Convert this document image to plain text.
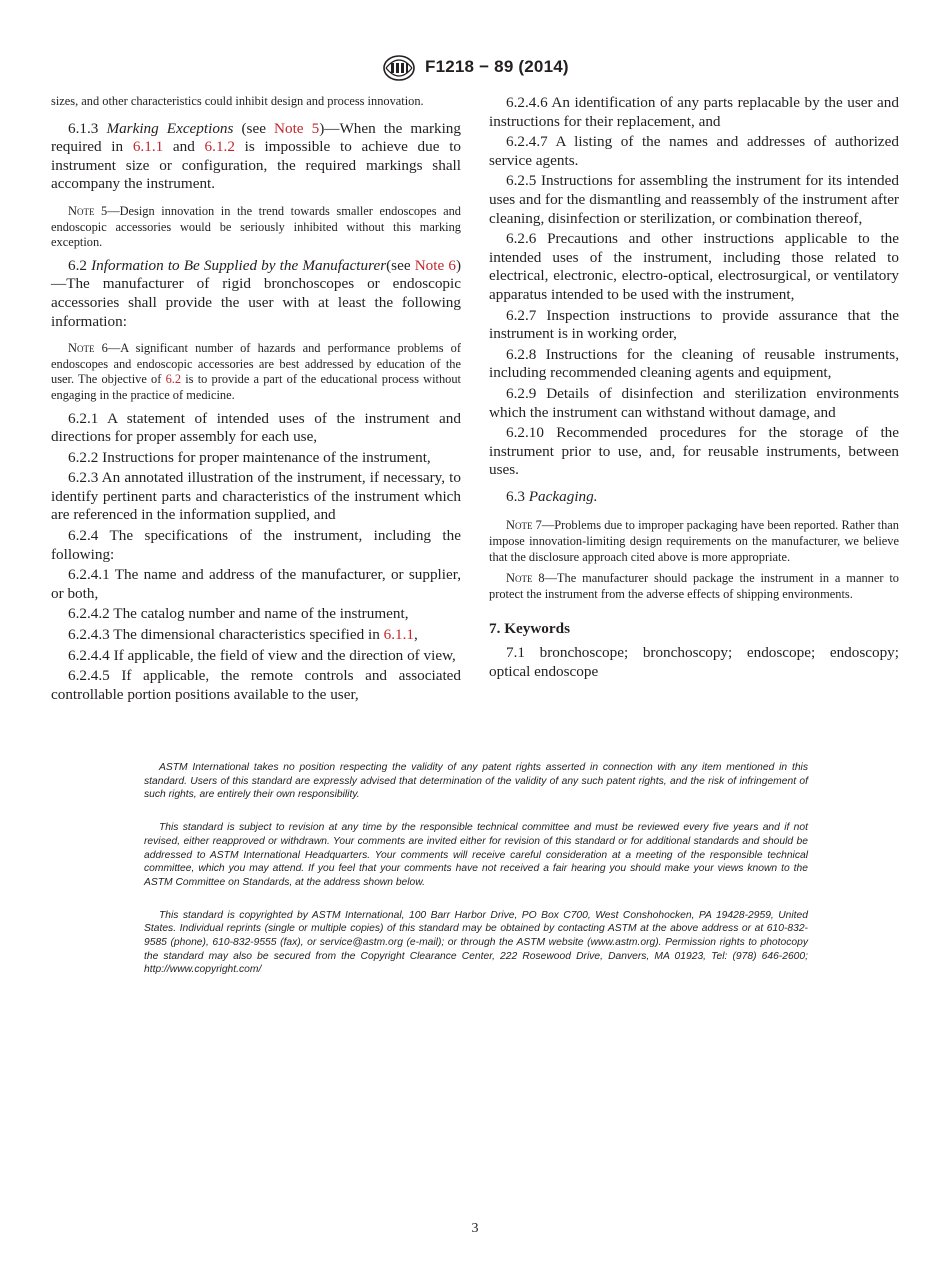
F1218 − 89 (2014)

sizes, and other characteristics could inhibit design and process innovation.

6.1.3 Marking Exceptions (see Note 5)—When the marking required in 6.1.1 and 6.1.2 is impossible to achieve due to instrument size or configuration, the required markings shall accompany the instrument.

Note 5—Design innovation in the trend towards smaller endoscopes and endoscopic accessories would be seriously inhibited without this marking exception.

6.2 Information to Be Supplied by the Manufacturer(see Note 6)—The manufacturer of rigid bronchoscopes or endoscopic accessories shall provide the user with at least the following information:

Note 6—A significant number of hazards and performance problems of endoscopes and endoscopic accessories are best addressed by education of the user. The objective of 6.2 is to provide a part of the educational process without engaging in the practice of medicine.

6.2.1 A statement of intended uses of the instrument and directions for proper assembly for each use,

6.2.2 Instructions for proper maintenance of the instrument,

6.2.3 An annotated illustration of the instrument, if necessary, to identify pertinent parts and characteristics of the instrument which are referenced in the information supplied, and

6.2.4 The specifications of the instrument, including the following:

6.2.4.1 The name and address of the manufacturer, or supplier, or both,

6.2.4.2 The catalog number and name of the instrument,

6.2.4.3 The dimensional characteristics specified in 6.1.1,

6.2.4.4 If applicable, the field of view and the direction of view,

6.2.4.5 If applicable, the remote controls and associated controllable portion positions available to the user,

6.2.4.6 An identification of any parts replacable by the user and instructions for their replacement, and

6.2.4.7 A listing of the names and addresses of authorized service agents.

6.2.5 Instructions for assembling the instrument for its intended uses and for the dismantling and reassembly of the instrument after cleaning, disinfection or sterilization, or combination thereof,

6.2.6 Precautions and other instructions applicable to the intended uses of the instrument, including those related to electrical, electronic, electro-optical, electrosurgical, or ventilatory apparatus intended to be used with the instrument,

6.2.7 Inspection instructions to provide assurance that the instrument is in working order,

6.2.8 Instructions for the cleaning of reusable instruments, including recommended cleaning agents and equipment,

6.2.9 Details of disinfection and sterilization environments which the instrument can withstand without damage, and

6.2.10 Recommended procedures for the storage of the instrument prior to use, and, for reusable instruments, between uses.

6.3 Packaging.

Note 7—Problems due to improper packaging have been reported. Rather than impose innovation-limiting design requirements on the manufacturer, we believe that the disclosure approach cited above is more appropriate.

Note 8—The manufacturer should package the instrument in a manner to protect the instrument from the adverse effects of shipping environments.

7. Keywords

7.1 bronchoscope; bronchoscopy; endoscope; endoscopy; optical endoscope

ASTM International takes no position respecting the validity of any patent rights asserted in connection with any item mentioned in this standard. Users of this standard are expressly advised that determination of the validity of any such patent rights, and the risk of infringement of such rights, are entirely their own responsibility.

This standard is subject to revision at any time by the responsible technical committee and must be reviewed every five years and if not revised, either reapproved or withdrawn. Your comments are invited either for revision of this standard or for additional standards and should be addressed to ASTM International Headquarters. Your comments will receive careful consideration at a meeting of the responsible technical committee, which you may attend. If you feel that your comments have not received a fair hearing you should make your views known to the ASTM Committee on Standards, at the address shown below.

This standard is copyrighted by ASTM International, 100 Barr Harbor Drive, PO Box C700, West Conshohocken, PA 19428-2959, United States. Individual reprints (single or multiple copies) of this standard may be obtained by contacting ASTM at the above address or at 610-832-9585 (phone), 610-832-9555 (fax), or service@astm.org (e-mail); or through the ASTM website (www.astm.org). Permission rights to photocopy the standard may also be secured from the Copyright Clearance Center, 222 Rosewood Drive, Danvers, MA 01923, Tel: (978) 646-2600; http://www.copyright.com/

3
